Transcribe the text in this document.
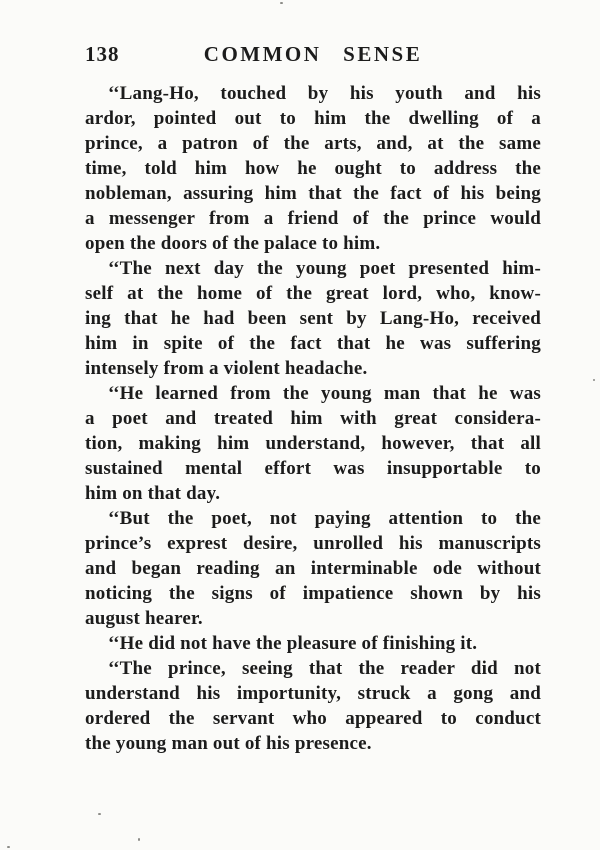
138	COMMON SENSE
‘‘Lang-Ho, touched by his youth and his
ardor, pointed out to him the dwelling of a
prince, a patron of the arts, and, at the same
time, told him how he ought to address the
nobleman, assuring him that the fact of his being
a messenger from a friend of the prince would
open the doors of the palace to him.
‘‘The next day the young poet presented him-
self at the home of the great lord, who, know-
ing that he had been sent by Lang-Ho, received
him in spite of the fact that he was suffering
intensely from a violent headache.
‘‘He learned from the young man that he was
a poet and treated him with great considera-
tion, making him understand, however, that all
sustained mental effort was insupportable to
him on that day.
‘‘But the poet, not paying attention to the
prince’s exprest desire, unrolled his manuscripts
and began reading an interminable ode without
noticing the signs of impatience shown by his
august hearer.
‘‘He did not have the pleasure of finishing it.
‘‘The prince, seeing that the reader did not
understand his importunity, struck a gong and
ordered the servant who appeared to conduct
the young man out of his presence.
